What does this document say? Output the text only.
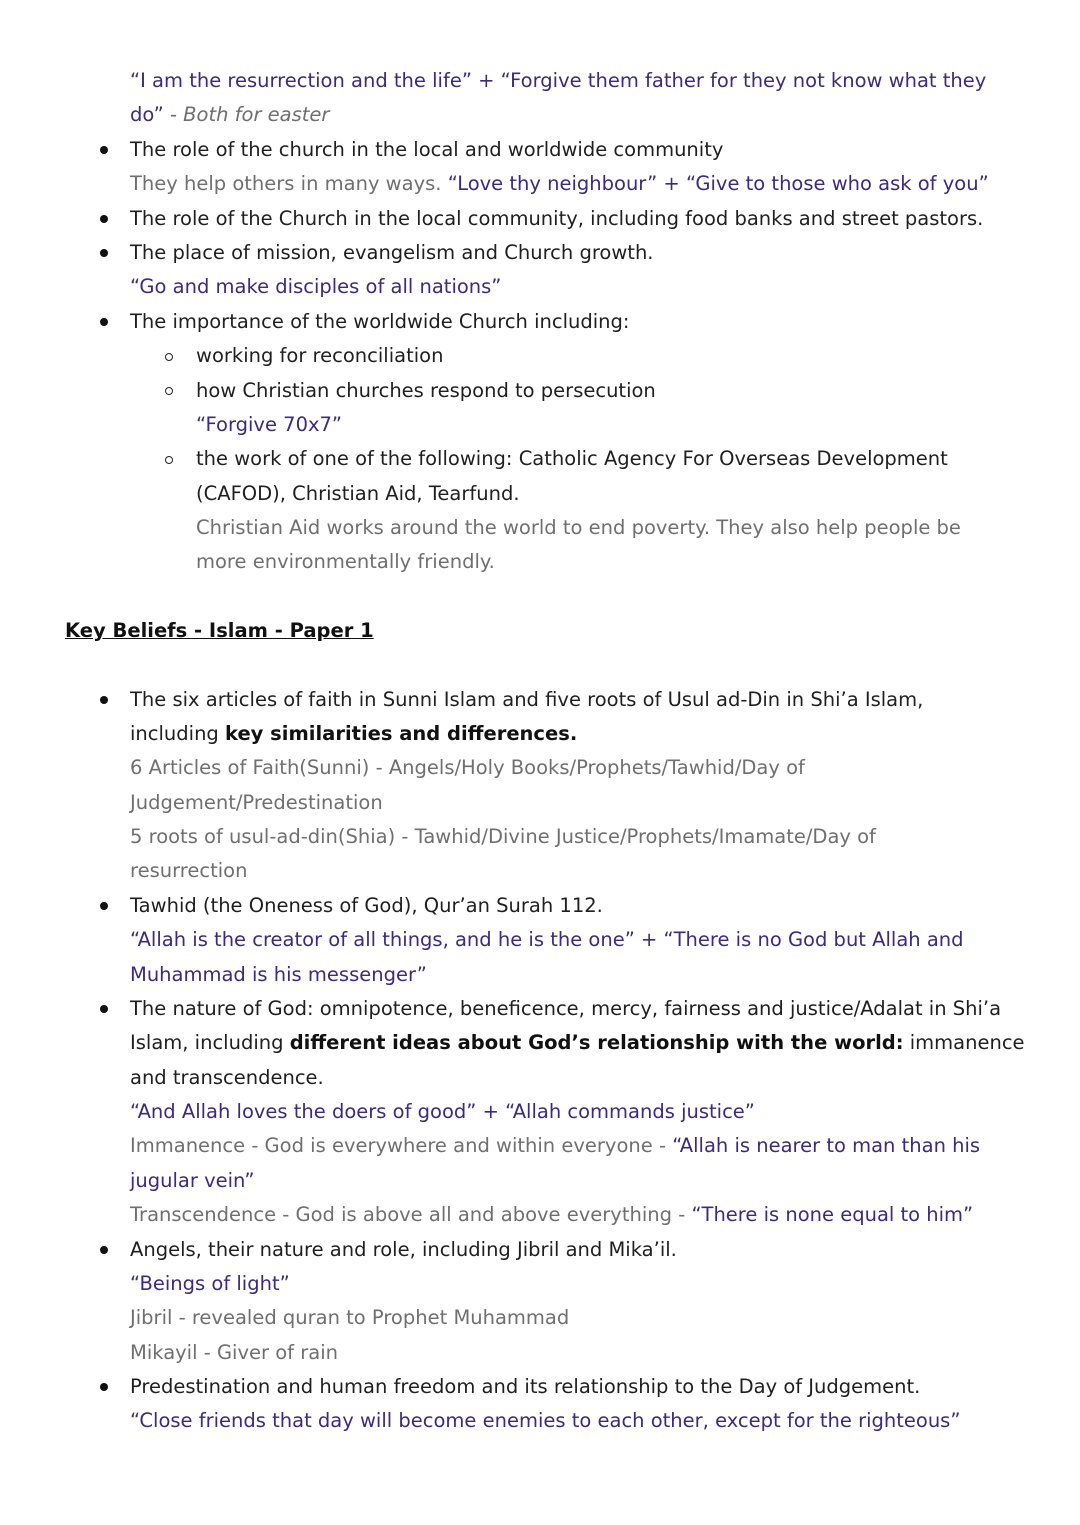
“I am the resurrection and the life” + “Forgive them father for they not know what they
do” - Both for easter
The role of the church in the local and worldwide community
They help others in many ways. “Love thy neighbour” + “Give to those who ask of you”
The role of the Church in the local community, including food banks and street pastors.
The place of mission, evangelism and Church growth.
“Go and make disciples of all nations”
The importance of the worldwide Church including:
working for reconciliation
how Christian churches respond to persecution
“Forgive 70x7”
the work of one of the following: Catholic Agency For Overseas Development
(CAFOD), Christian Aid, Tearfund.
Christian Aid works around the world to end poverty. They also help people be
more environmentally friendly.
Key Beliefs - Islam - Paper 1
The six articles of faith in Sunni Islam and five roots of Usul ad-Din in Shi’a Islam,
including key similarities and differences.
6 Articles of Faith(Sunni) - Angels/Holy Books/Prophets/Tawhid/Day of
Judgement/Predestination
5 roots of usul-ad-din(Shia) - Tawhid/Divine Justice/Prophets/Imamate/Day of
resurrection
Tawhid (the Oneness of God), Qur’an Surah 112.
“Allah is the creator of all things, and he is the one” + “There is no God but Allah and
Muhammad is his messenger”
The nature of God: omnipotence, beneficence, mercy, fairness and justice/Adalat in Shi’a
Islam, including different ideas about God’s relationship with the world: immanence
and transcendence.
“And Allah loves the doers of good” + “Allah commands justice”
Immanence - God is everywhere and within everyone - “Allah is nearer to man than his
jugular vein”
Transcendence - God is above all and above everything - “There is none equal to him”
Angels, their nature and role, including Jibril and Mika’il.
“Beings of light”
Jibril - revealed quran to Prophet Muhammad
Mikayil - Giver of rain
Predestination and human freedom and its relationship to the Day of Judgement.
“Close friends that day will become enemies to each other, except for the righteous”
